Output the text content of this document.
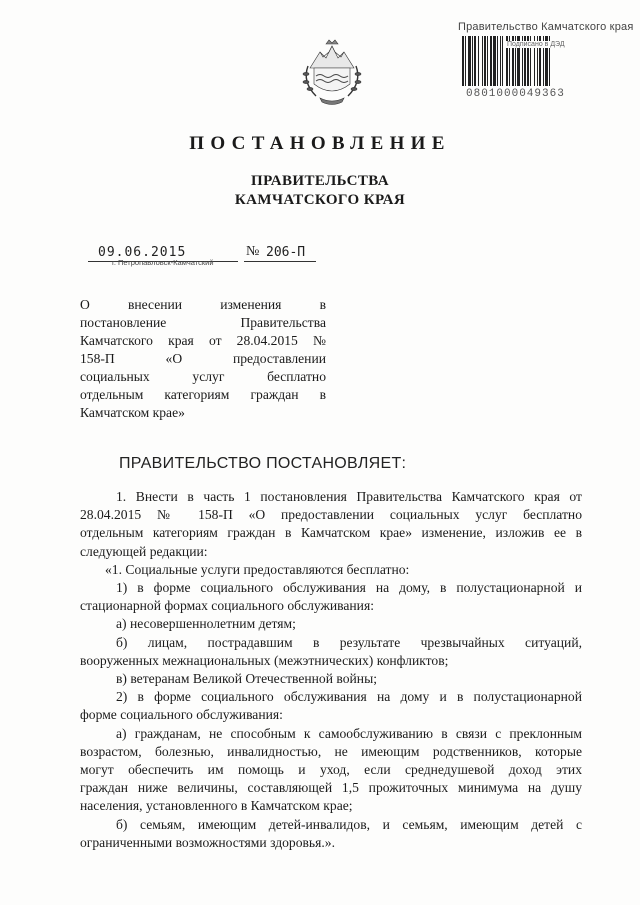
Правительство Камчатского края
Подписано в ДЭД
0801000049363
ПОСТАНОВЛЕНИЕ
ПРАВИТЕЛЬСТВА
КАМЧАТСКОГО КРАЯ
09.06.2015	№ 206-П
г. Петропавловск-Камчатский
О внесении изменения в
постановление Правительства
Камчатского края от 28.04.2015 №
158-П «О предоставлении
социальных услуг бесплатно
отдельным категориям граждан в
Камчатском крае»
ПРАВИТЕЛЬСТВО ПОСТАНОВЛЯЕТ:
1. Внести в часть 1 постановления Правительства Камчатского края от
28.04.2015 № 158-П «О предоставлении социальных услуг бесплатно
отдельным категориям граждан в Камчатском крае» изменение, изложив ее в
следующей редакции:
«1. Социальные услуги предоставляются бесплатно:
1) в форме социального обслуживания на дому, в полустационарной и
стационарной формах социального обслуживания:
а) несовершеннолетним детям;
б) лицам, пострадавшим в результате чрезвычайных ситуаций,
вооруженных межнациональных (межэтнических) конфликтов;
в) ветеранам Великой Отечественной войны;
2) в форме социального обслуживания на дому и в полустационарной
форме социального обслуживания:
а) гражданам, не способным к самообслуживанию в связи с преклонным
возрастом, болезнью, инвалидностью, не имеющим родственников, которые
могут обеспечить им помощь и уход, если среднедушевой доход этих
граждан ниже величины, составляющей 1,5 прожиточных минимума на душу
населения, установленного в Камчатском крае;
б) семьям, имеющим детей-инвалидов, и семьям, имеющим детей с
ограниченными возможностями здоровья.».
